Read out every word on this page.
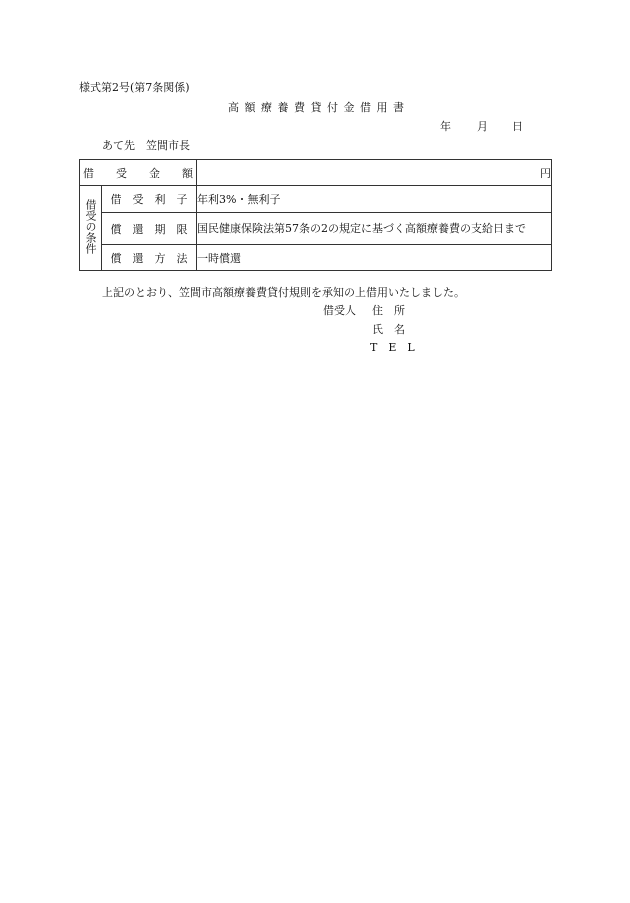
様式第2号(第7条関係)
高 額 療 養 費 貸 付 金 借 用 書
年 月 日
あて先　笠間市長
借　　受　　金　　額		円
借受の条件	借　受　利　子	年利3%・無利子
	償　還　期　限	国民健康保険法第57条の2の規定に基づく高額療養費の支給日まで
	償　還　方　法	一時償還
上記のとおり、笠間市高額療養費貸付規則を承知の上借用いたしました。
借受人 住　所
氏　名
T　E　L
